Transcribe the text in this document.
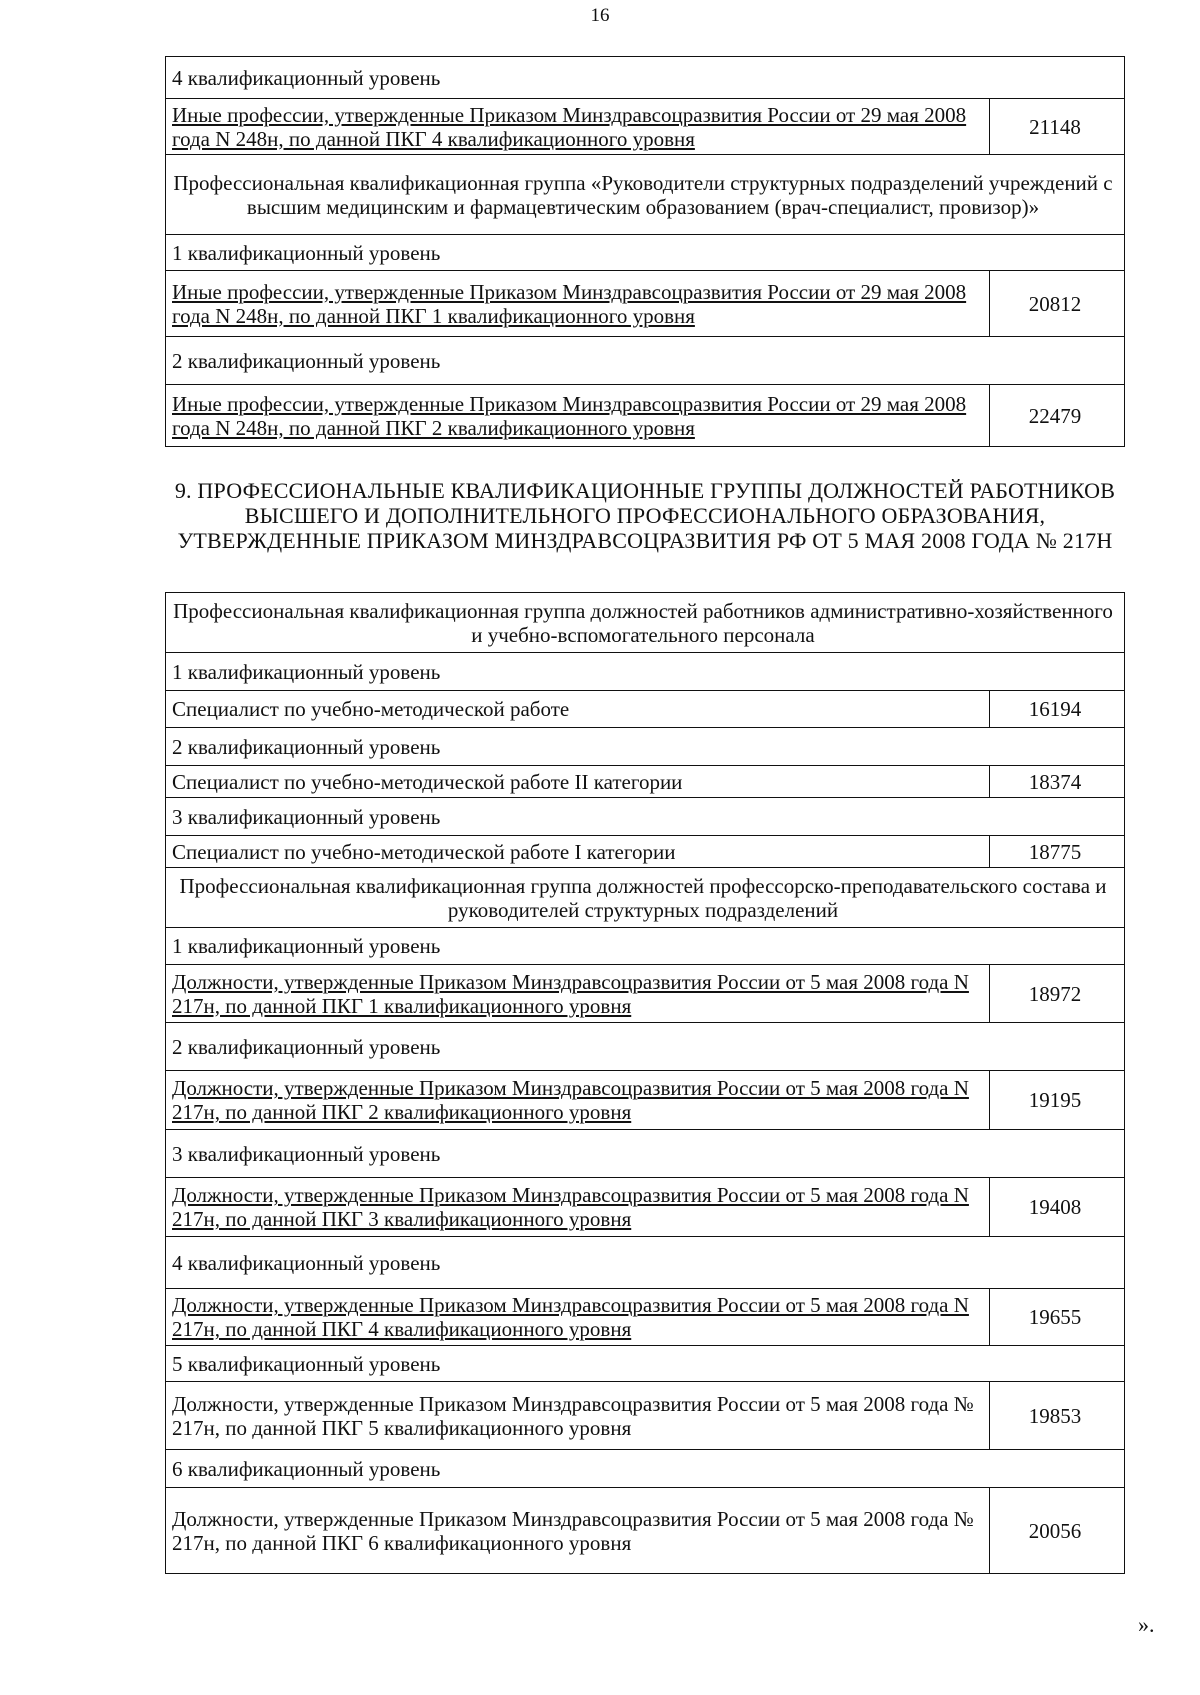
16
4 квалификационный уровень	
Иные профессии, утвержденные Приказом Минздравсоцразвития России от 29 мая 2008 года N 248н, по данной ПКГ 4 квалификационного уровня	21148
Профессиональная квалификационная группа «Руководители структурных подразделений учреждений с высшим медицинским и фармацевтическим образованием (врач-специалист, провизор)»	
1 квалификационный уровень	
Иные профессии, утвержденные Приказом Минздравсоцразвития России от 29 мая 2008 года N 248н, по данной ПКГ 1 квалификационного уровня	20812
2 квалификационный уровень	
Иные профессии, утвержденные Приказом Минздравсоцразвития России от 29 мая 2008 года N 248н, по данной ПКГ 2 квалификационного уровня	22479
9. ПРОФЕССИОНАЛЬНЫЕ КВАЛИФИКАЦИОННЫЕ ГРУППЫ ДОЛЖНОСТЕЙ РАБОТНИКОВ ВЫСШЕГО И ДОПОЛНИТЕЛЬНОГО ПРОФЕССИОНАЛЬНОГО ОБРАЗОВАНИЯ, УТВЕРЖДЕННЫЕ ПРИКАЗОМ МИНЗДРАВСОЦРАЗВИТИЯ РФ ОТ 5 МАЯ 2008 ГОДА № 217Н
Профессиональная квалификационная группа должностей работников административно-хозяйственного и учебно-вспомогательного персонала	
1 квалификационный уровень	
Специалист по учебно-методической работе	16194
2 квалификационный уровень	
Специалист по учебно-методической работе II категории	18374
3 квалификационный уровень	
Специалист по учебно-методической работе I категории	18775
Профессиональная квалификационная группа должностей профессорско-преподавательского состава и руководителей структурных подразделений	
1 квалификационный уровень	
Должности, утвержденные Приказом Минздравсоцразвития России от 5 мая 2008 года N 217н, по данной ПКГ 1 квалификационного уровня	18972
2 квалификационный уровень	
Должности, утвержденные Приказом Минздравсоцразвития России от 5 мая 2008 года N 217н, по данной ПКГ 2 квалификационного уровня	19195
3 квалификационный уровень	
Должности, утвержденные Приказом Минздравсоцразвития России от 5 мая 2008 года N 217н, по данной ПКГ 3 квалификационного уровня	19408
4 квалификационный уровень	
Должности, утвержденные Приказом Минздравсоцразвития России от 5 мая 2008 года N 217н, по данной ПКГ 4 квалификационного уровня	19655
5 квалификационный уровень	
Должности, утвержденные Приказом Минздравсоцразвития России от 5 мая 2008 года № 217н, по данной ПКГ 5 квалификационного уровня	19853
6 квалификационный уровень	
Должности, утвержденные Приказом Минздравсоцразвития России от 5 мая 2008 года № 217н, по данной ПКГ 6 квалификационного уровня	20056
».
